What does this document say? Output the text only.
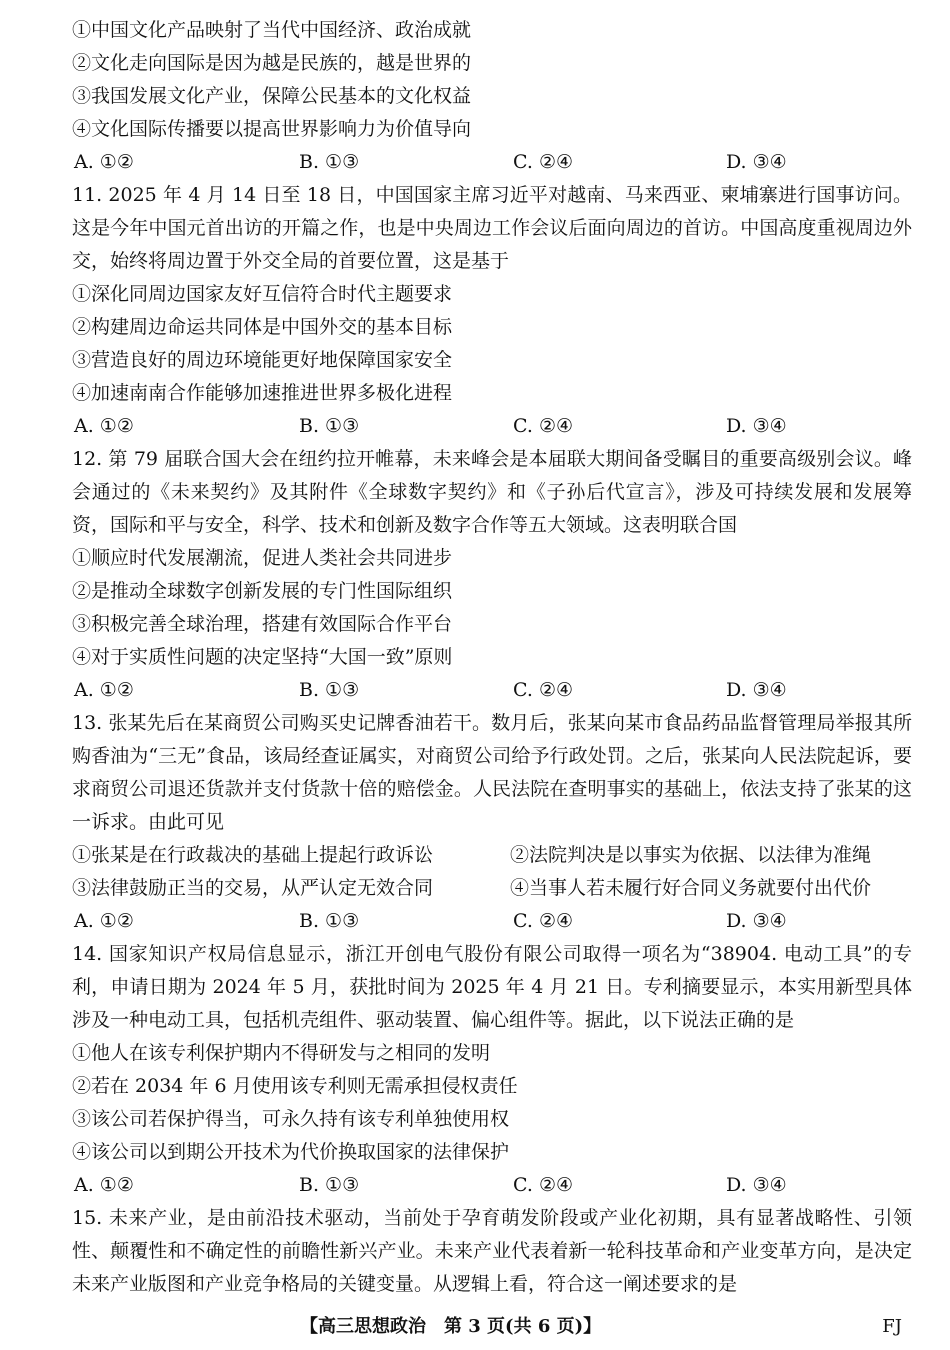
①中国文化产品映射了当代中国经济、政治成就
②文化走向国际是因为越是民族的，越是世界的
③我国发展文化产业，保障公民基本的文化权益
④文化国际传播要以提高世界影响力为价值导向
A. ①②	B. ①③	C. ②④	D. ③④
11. 2025 年 4 月 14 日至 18 日，中国国家主席习近平对越南、马来西亚、柬埔寨进行国事访问。这是今年中国元首出访的开篇之作，也是中央周边工作会议后面向周边的首访。中国高度重视周边外交，始终将周边置于外交全局的首要位置，这是基于
①深化同周边国家友好互信符合时代主题要求
②构建周边命运共同体是中国外交的基本目标
③营造良好的周边环境能更好地保障国家安全
④加速南南合作能够加速推进世界多极化进程
A. ①②	B. ①③	C. ②④	D. ③④
12. 第 79 届联合国大会在纽约拉开帷幕，未来峰会是本届联大期间备受瞩目的重要高级别会议。峰会通过的《未来契约》及其附件《全球数字契约》和《子孙后代宣言》，涉及可持续发展和发展筹资，国际和平与安全，科学、技术和创新及数字合作等五大领域。这表明联合国
①顺应时代发展潮流，促进人类社会共同进步
②是推动全球数字创新发展的专门性国际组织
③积极完善全球治理，搭建有效国际合作平台
④对于实质性问题的决定坚持“大国一致”原则
A. ①②	B. ①③	C. ②④	D. ③④
13. 张某先后在某商贸公司购买史记牌香油若干。数月后，张某向某市食品药品监督管理局举报其所购香油为“三无”食品，该局经查证属实，对商贸公司给予行政处罚。之后，张某向人民法院起诉，要求商贸公司退还货款并支付货款十倍的赔偿金。人民法院在查明事实的基础上，依法支持了张某的这一诉求。由此可见
①张某是在行政裁决的基础上提起行政诉讼	②法院判决是以事实为依据、以法律为准绳
③法律鼓励正当的交易，从严认定无效合同	④当事人若未履行好合同义务就要付出代价
A. ①②	B. ①③	C. ②④	D. ③④
14. 国家知识产权局信息显示，浙江开创电气股份有限公司取得一项名为“38904. 电动工具”的专利，申请日期为 2024 年 5 月，获批时间为 2025 年 4 月 21 日。专利摘要显示，本实用新型具体涉及一种电动工具，包括机壳组件、驱动装置、偏心组件等。据此，以下说法正确的是
①他人在该专利保护期内不得研发与之相同的发明
②若在 2034 年 6 月使用该专利则无需承担侵权责任
③该公司若保护得当，可永久持有该专利单独使用权
④该公司以到期公开技术为代价换取国家的法律保护
A. ①②	B. ①③	C. ②④	D. ③④
15. 未来产业，是由前沿技术驱动，当前处于孕育萌发阶段或产业化初期，具有显著战略性、引领性、颠覆性和不确定性的前瞻性新兴产业。未来产业代表着新一轮科技革命和产业变革方向，是决定未来产业版图和产业竞争格局的关键变量。从逻辑上看，符合这一阐述要求的是
【高三思想政治　第 3 页(共 6 页)】	FJ
